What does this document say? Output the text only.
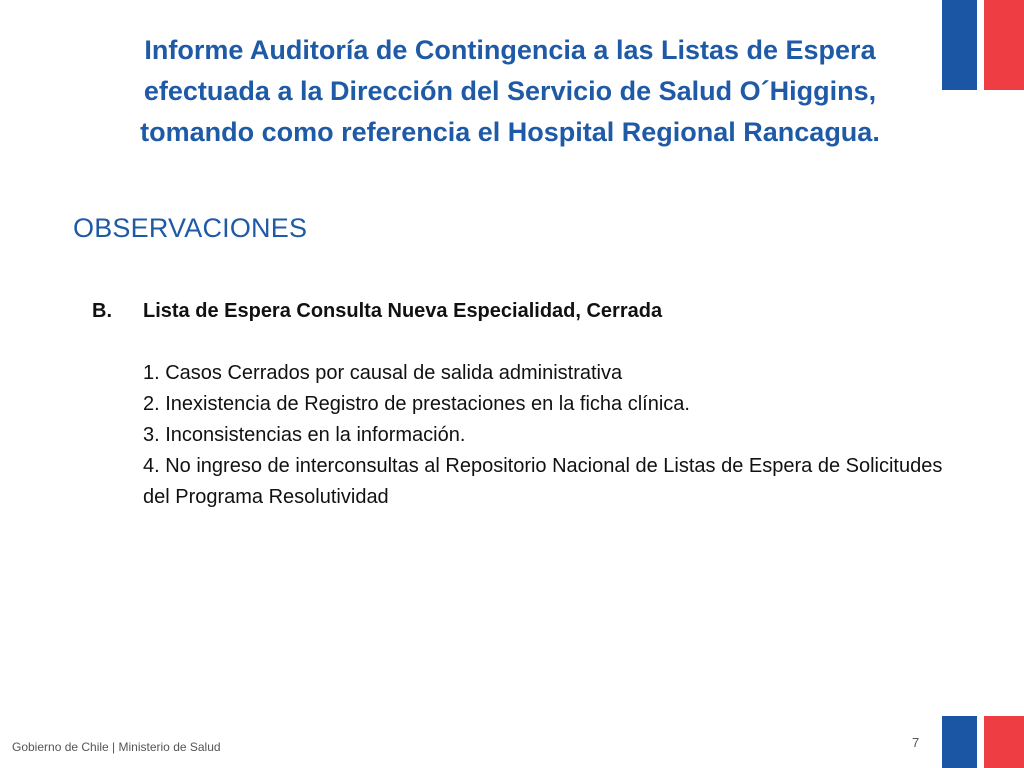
Informe Auditoría de Contingencia a las Listas de Espera
efectuada a la Dirección del Servicio de Salud O´Higgins,
tomando como referencia el Hospital Regional Rancagua.
OBSERVACIONES
B.	Lista de Espera Consulta Nueva Especialidad, Cerrada
1. Casos Cerrados por causal de salida administrativa
2. Inexistencia de Registro de prestaciones en la ficha clínica.
3. Inconsistencias en la información.
4. No ingreso de interconsultas al Repositorio Nacional de Listas de Espera de Solicitudes del Programa Resolutividad
Gobierno de Chile | Ministerio de Salud	7
